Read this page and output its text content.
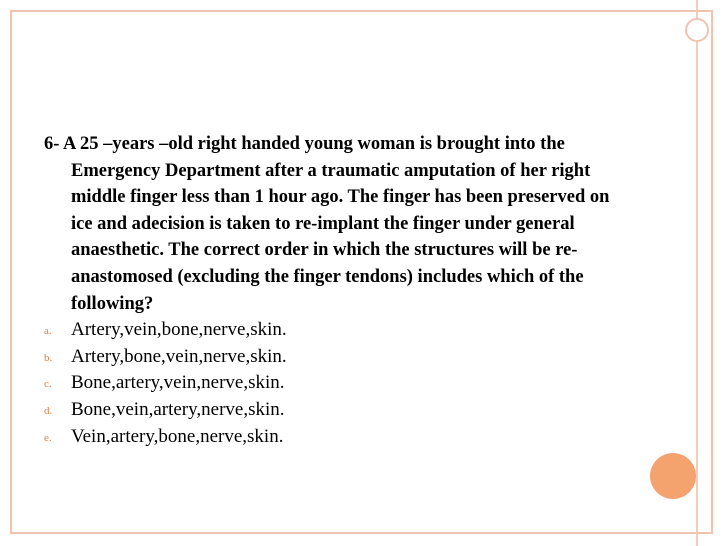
6- A 25 –years –old right handed young woman is brought into the Emergency Department after a traumatic amputation of her right middle finger less than 1 hour ago. The finger has been preserved on ice and adecision is taken to re-implant the finger under general anaesthetic. The correct order in which the structures will be re-anastomosed (excluding the finger tendons) includes which of the following?

a. Artery,vein,bone,nerve,skin.
b. Artery,bone,vein,nerve,skin.
c. Bone,artery,vein,nerve,skin.
d. Bone,vein,artery,nerve,skin.
e. Vein,artery,bone,nerve,skin.
